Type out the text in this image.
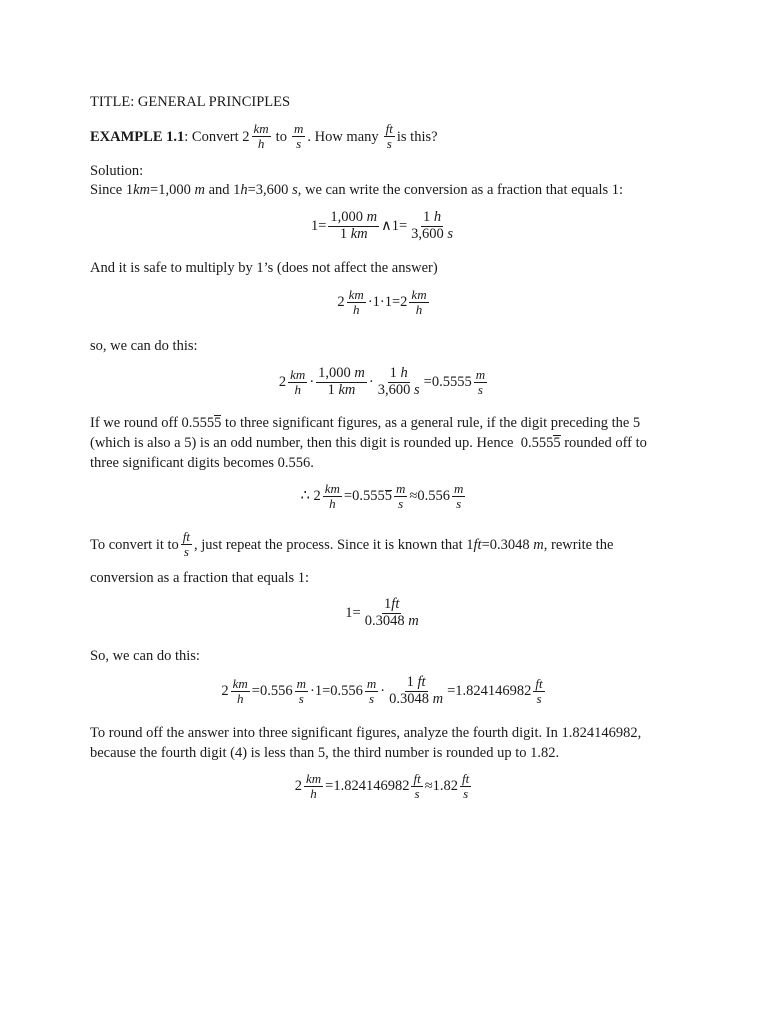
TITLE: GENERAL PRINCIPLES
EXAMPLE 1.1 : Convert $2 \frac{km}{h}$ to $\frac{m}{s}$ . How many $\frac{ft}{s}$ is this?
Solution:
Since 1km=1,000 m and 1h=3,600 s, we can write the conversion as a fraction that equals 1:
$1= \frac{1,000 m}{1 km}$ ∧1= $\frac{1 h}{3,600 s}$
And it is safe to multiply by 1’s (does not affect the answer)
$2 \frac{km}{h} \cdot 1\cdot 1=2 \frac{km}{h}$
so, we can do this:
$2 \frac{km}{h} \cdot \frac{1,000 m}{1 km} \cdot \frac{1 h}{3,600 s} =0.5555 \frac{m}{s}$
If we round off 0.5555 to three significant figures, as a general rule, if the digit preceding the 5
(which is also a 5) is an odd number, then this digit is rounded up. Hence 0.5555 rounded off to
three significant digits becomes 0.556.
∴ $2 \frac{km}{h} =0.555$ $5 \frac{m}{s} \approx 0.556 \frac{m}{s}$
To convert it to $\frac{ft}{s}$ , just repeat the process. Since it is known that 1 ft =0.3048
m , rewrite the
conversion as a fraction that equals 1:
$1= \frac{1ft}{0.3048 m}$
So, we can do this:
$2 \frac{km}{h} =0.556 \frac{m}{s} \cdot 1=0.556 \frac{m}{s} \cdot \frac{1 ft}{0.3048 m} =1.824146982 \frac{ft}{s}$
To round off the answer into three significant figures, analyze the fourth digit. In 1.824146982,
because the fourth digit (4) is less than 5, the third number is rounded up to 1.82.
$2 \frac{km}{h} =1.824146982 \frac{ft}{s} \approx 1.82 \frac{ft}{s}$
